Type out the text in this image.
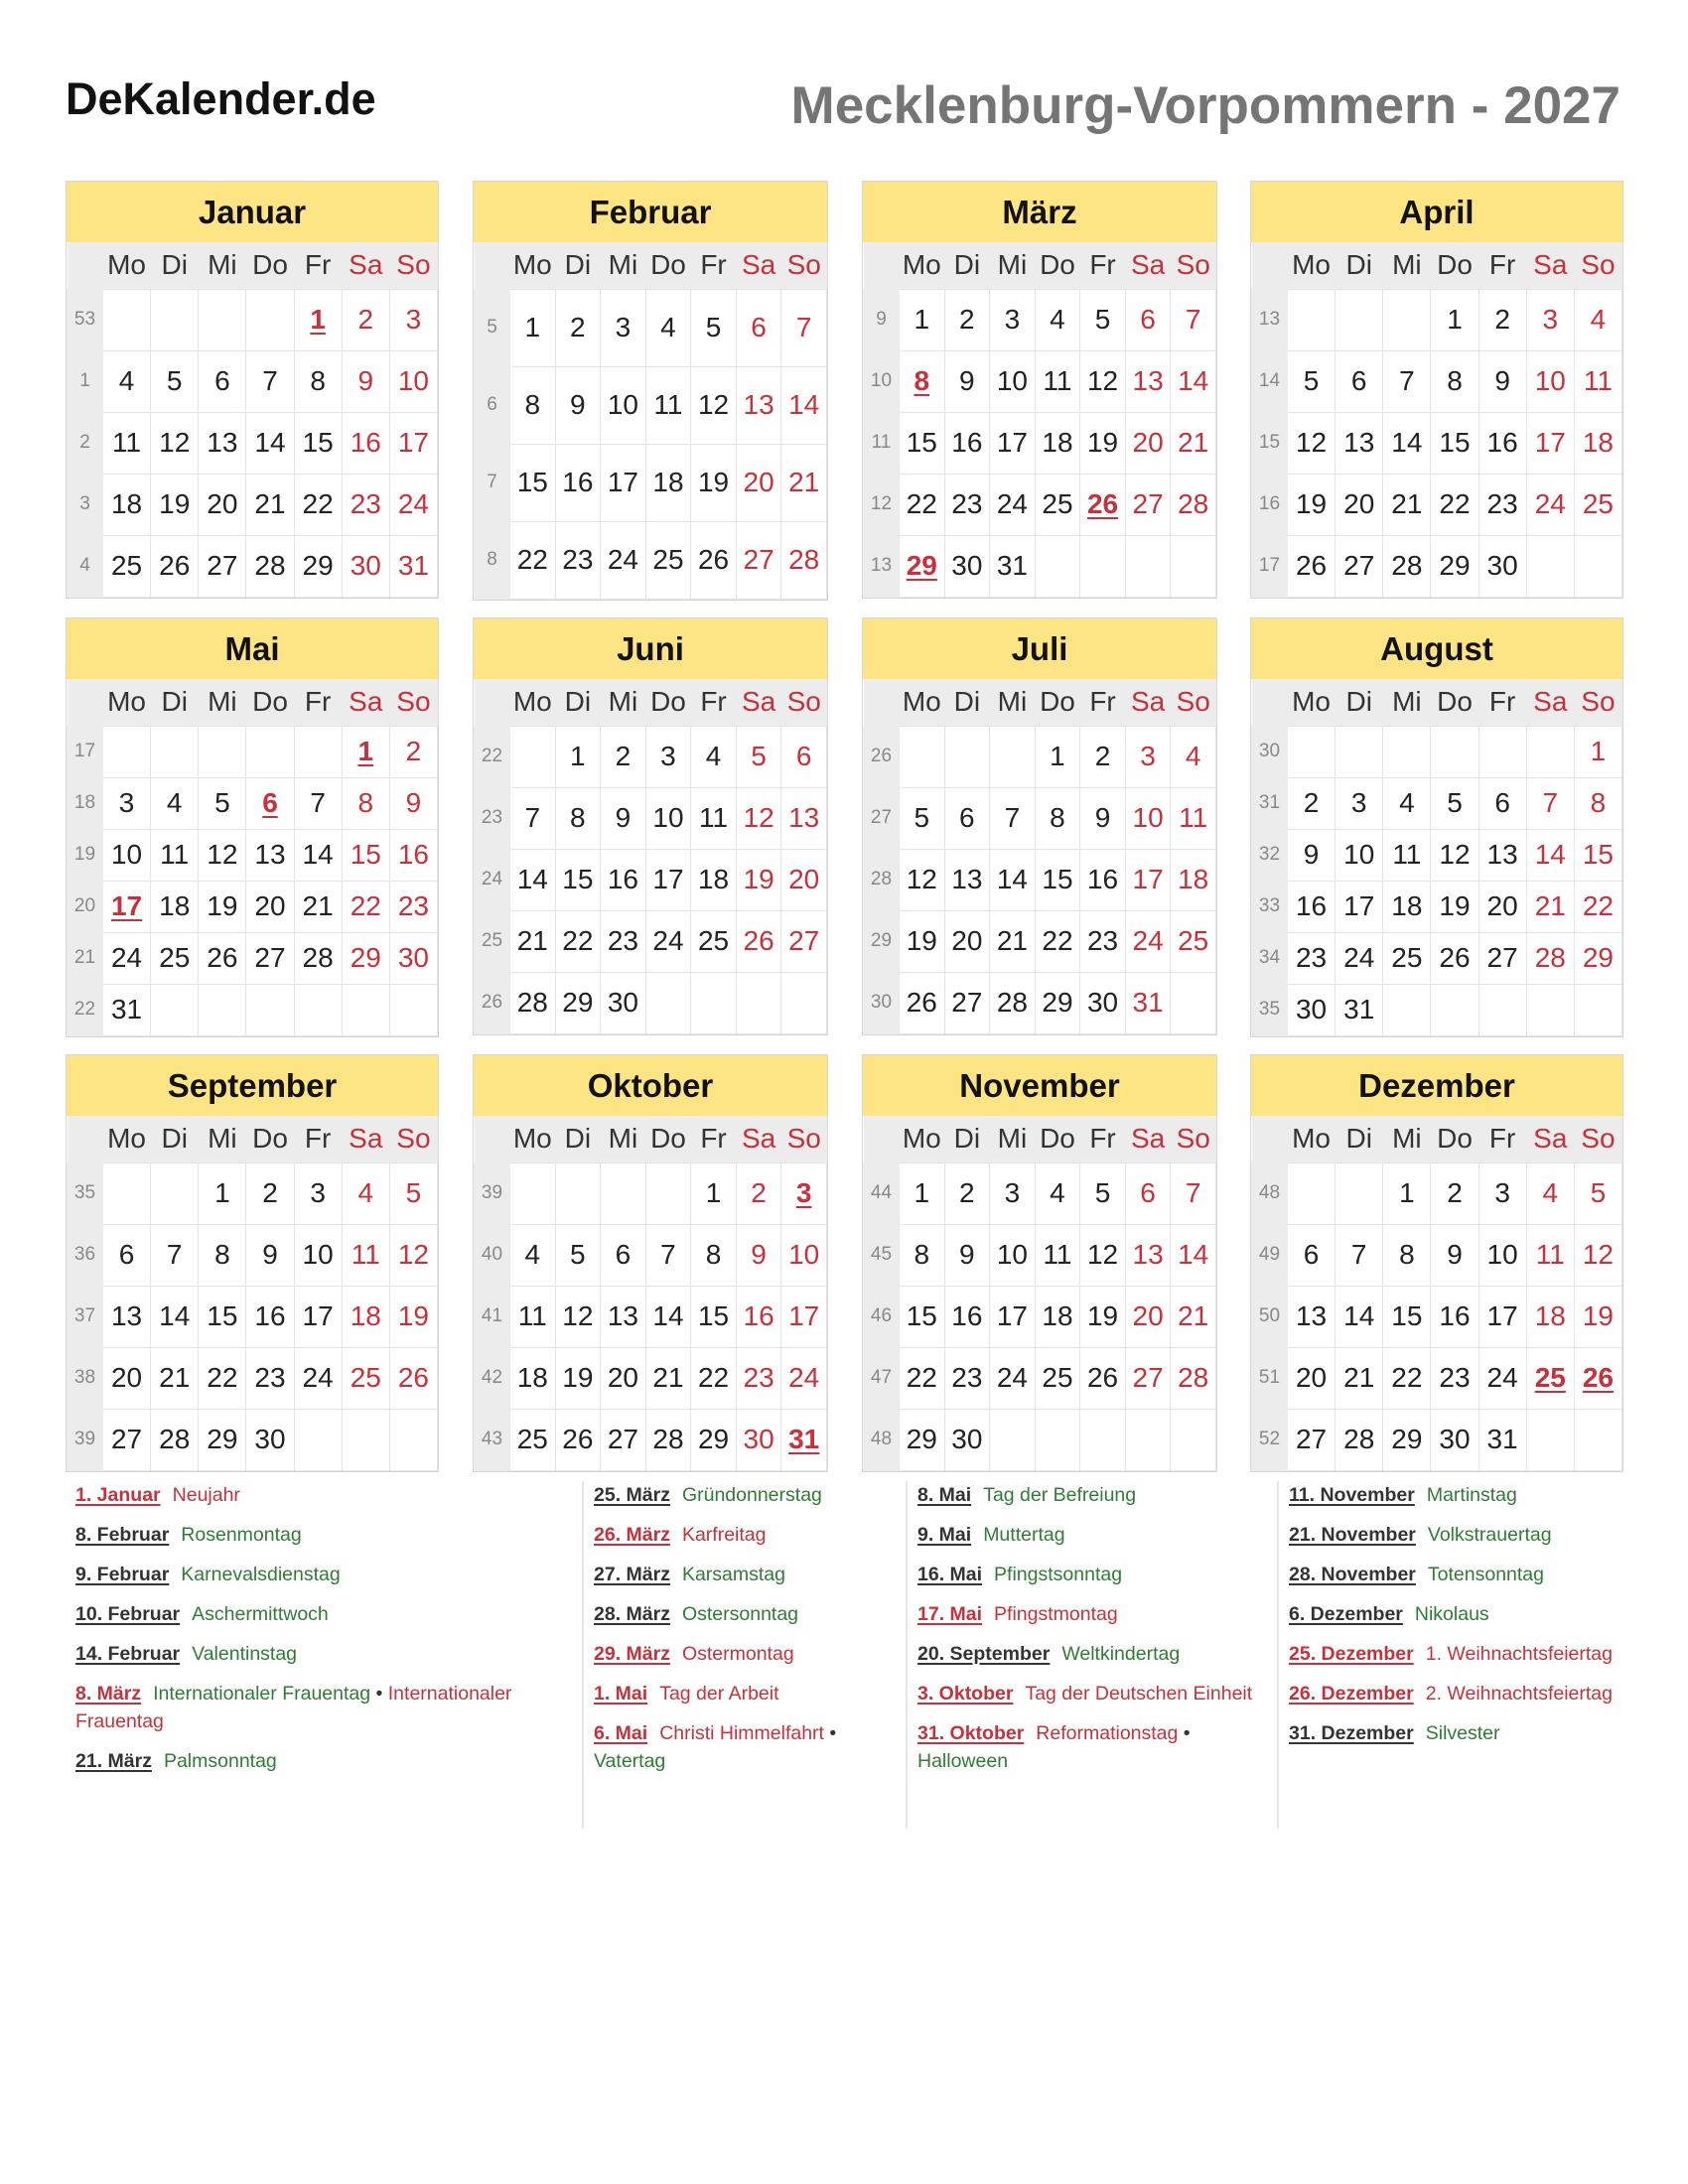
DeKalender.de	Mecklenburg-Vorpommern - 2027
Januar
	Mo	Di	Mi	Do	Fr	Sa	So
53					1	2	3
1	4	5	6	7	8	9	10
2	11	12	13	14	15	16	17
3	18	19	20	21	22	23	24
4	25	26	27	28	29	30	31
Februar
	Mo	Di	Mi	Do	Fr	Sa	So
5	1	2	3	4	5	6	7
6	8	9	10	11	12	13	14
7	15	16	17	18	19	20	21
8	22	23	24	25	26	27	28
März
	Mo	Di	Mi	Do	Fr	Sa	So
9	1	2	3	4	5	6	7
10	8	9	10	11	12	13	14
11	15	16	17	18	19	20	21
12	22	23	24	25	26	27	28
13	29	30	31				
April
	Mo	Di	Mi	Do	Fr	Sa	So
13				1	2	3	4
14	5	6	7	8	9	10	11
15	12	13	14	15	16	17	18
16	19	20	21	22	23	24	25
17	26	27	28	29	30		
Mai
	Mo	Di	Mi	Do	Fr	Sa	So
17						1	2
18	3	4	5	6	7	8	9
19	10	11	12	13	14	15	16
20	17	18	19	20	21	22	23
21	24	25	26	27	28	29	30
22	31						
Juni
	Mo	Di	Mi	Do	Fr	Sa	So
22		1	2	3	4	5	6
23	7	8	9	10	11	12	13
24	14	15	16	17	18	19	20
25	21	22	23	24	25	26	27
26	28	29	30				
Juli
	Mo	Di	Mi	Do	Fr	Sa	So
26				1	2	3	4
27	5	6	7	8	9	10	11
28	12	13	14	15	16	17	18
29	19	20	21	22	23	24	25
30	26	27	28	29	30	31	
August
	Mo	Di	Mi	Do	Fr	Sa	So
30							1
31	2	3	4	5	6	7	8
32	9	10	11	12	13	14	15
33	16	17	18	19	20	21	22
34	23	24	25	26	27	28	29
35	30	31					
September
	Mo	Di	Mi	Do	Fr	Sa	So
35			1	2	3	4	5
36	6	7	8	9	10	11	12
37	13	14	15	16	17	18	19
38	20	21	22	23	24	25	26
39	27	28	29	30			
Oktober
	Mo	Di	Mi	Do	Fr	Sa	So
39					1	2	3
40	4	5	6	7	8	9	10
41	11	12	13	14	15	16	17
42	18	19	20	21	22	23	24
43	25	26	27	28	29	30	31
November
	Mo	Di	Mi	Do	Fr	Sa	So
44	1	2	3	4	5	6	7
45	8	9	10	11	12	13	14
46	15	16	17	18	19	20	21
47	22	23	24	25	26	27	28
48	29	30					
Dezember
	Mo	Di	Mi	Do	Fr	Sa	So
48			1	2	3	4	5
49	6	7	8	9	10	11	12
50	13	14	15	16	17	18	19
51	20	21	22	23	24	25	26
52	27	28	29	30	31		
1. Januar Neujahr
8. Februar Rosenmontag
9. Februar Karnevalsdienstag
10. Februar Aschermittwoch
14. Februar Valentinstag
8. März Internationaler Frauentag • Internationaler Frauentag
21. März Palmsonntag
25. März Gründonnerstag
26. März Karfreitag
27. März Karsamstag
28. März Ostersonntag
29. März Ostermontag
1. Mai Tag der Arbeit
6. Mai Christi Himmelfahrt • Vatertag
8. Mai Tag der Befreiung
9. Mai Muttertag
16. Mai Pfingstsonntag
17. Mai Pfingstmontag
20. September Weltkindertag
3. Oktober Tag der Deutschen Einheit
31. Oktober Reformationstag • Halloween
11. November Martinstag
21. November Volkstrauertag
28. November Totensonntag
6. Dezember Nikolaus
25. Dezember 1. Weihnachtsfeiertag
26. Dezember 2. Weihnachtsfeiertag
31. Dezember Silvester
